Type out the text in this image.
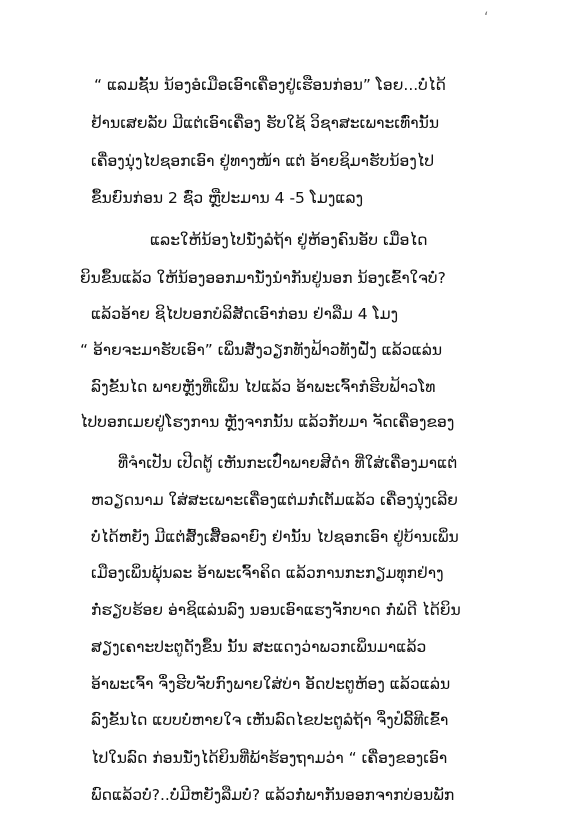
‘
“ ແລມຊັ້ນ ນ້ອງອໍເມືອເອົາເຄື່ອງຢູ່ເຮືອນກ່ອນ” ໂອຍ...ບໍ່ໄດ້
ຢ້ານເສຍລັບ ມີແຕ່ເອົາເຄື່ອງ ຮັບໃຊ້ ວິຊາສະເພາະເທົ່ານັ້ນ
ເຄື່ອງນຸ່ງໄປຊອກເອົາ ຢູ່ທາງໜ້າ ແຕ່ ອ້າຍຊິມາຮັບນ້ອງໄປ
ຂຶ້ນຍົນກ່ອນ 2 ຊົ່ວ ຫຼືປະມານ 4 -5 ໂມງແລງ
ແລະໃຫ້ນ້ອງໄປນັ່ງລໍຖ້າ ຢູ່ຫ້ອງຄົນອັບ ເມື່ອໄດ
ຍິນຂຶ້ນແລ້ວ ໃຫ້ນ້ອງອອກມານັ່ງນຳກັນຢູ່ນອກ ນ້ອງເຂົ້າໃຈບໍ່?
ແລ້ວອ້າຍ ຊິໄປບອກບໍລິສັດເອົາກ່ອນ ຢ່າລືມ 4 ໂມງ
“ ອ້າຍຈະມາຮັບເອົາ” ເພິ່ນສັ່ງວຽກທັງຟ້າວທັງຝັ່ງ ແລ້ວແລ່ນ
ລົງຂັ້ນໄດ ພາຍຫຼັງທີ່ເພິ່ນ ໄປແລ້ວ ອ້າພະເຈົ້າກໍຮີບຟ້າວໂທ
ໄປບອກເມຍຢູ່ໂຮງການ ຫຼັງຈາກນັ້ນ ແລ້ວກັບມາ ຈັດເຄື່ອງຂອງ
ທີ່ຈຳເປັນ ເປີດຕູ້ ເຫັນກະເປົ໋າພາຍສີດຳ ທີ່ໃສ່ເຄື່ອງມາແຕ່
ຫວຽດນາມ ໃສ່ສະເພາະເຄື່ອງແຕ່ມກໍ່ເຕັມແລ້ວ ເຄື່ອງນຸ່ງເລີຍ
ບໍ່ໄດ້ຫຍັງ ມີແຕ່ສົ້ງເສື້ອລາຍົງ ຢ່ານັ້ນ ໄປຊອກເອົາ ຢູ່ບ້ານເພິ່ນ
ເມືອງເພິ່ນພຸ້ນລະ ອ້າພະເຈົ້າຄິດ ແລ້ວການກະກຽມທຸກຢ່າງ
ກໍ່ຮຽບຮ້ອຍ ອ່າຊິແລ່ນລົງ ນອນເອົາແຮງຈັກບາດ ກໍ່ພໍດີ ໄດ້ຍິນ
ສຽງເຄາະປະຕູດັງຂຶ້ນ ນັ້ນ ສະແດງວ່າພວກເພິ່ນມາແລ້ວ
ອ້າພະເຈົ້າ ຈຶ່ງຮີບຈັບກົງພາຍໃສ່ບ່າ ອັດປະຕູຫ້ອງ ແລ້ວແລ່ນ
ລົງຂັ້ນໄດ ແບບບໍ່ຫາຍໃຈ ເຫັນລົດໄຂປະຕູລໍຖ້າ ຈຶ່ງປໍລີ້ທີເຂົ້າ
ໄປໃນລົດ ກ່ອນນັ່ງໄດ້ຍິນທີ່ພ້າຮ້ອງຖາມວ່າ “ ເຄື່ອງຂອງເອົາ
ພົດແລ້ວບໍ່?..ບໍ່ມີຫຍັງລືມບໍ່? ແລ້ວກໍ່ພາກັນອອກຈາກບ່ອນພັກ
